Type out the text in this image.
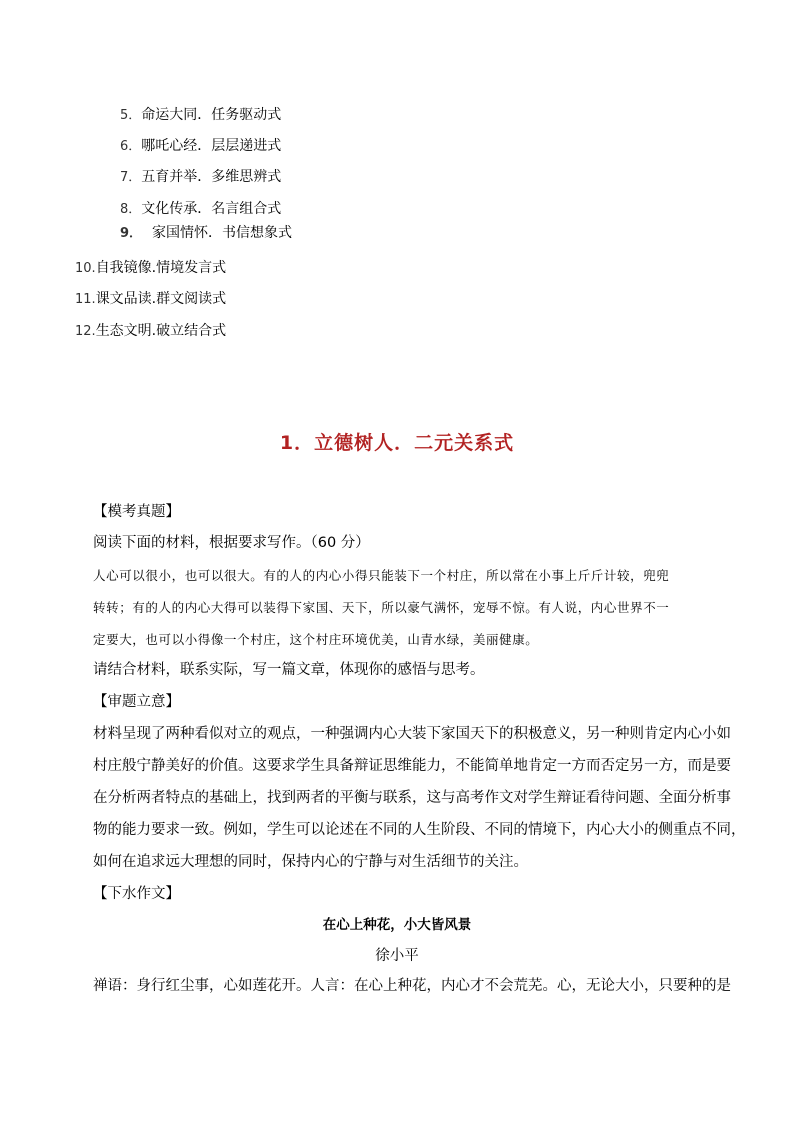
5．命运大同．任务驱动式
6．哪吒心经．层层递进式
7．五育并举．多维思辨式
8．文化传承．名言组合式
9． 家国情怀．书信想象式
10.自我镜像.情境发言式
11.课文品读.群文阅读式
12.生态文明.破立结合式
1．立德树人．二元关系式
【模考真题】
阅读下面的材料，根据要求写作。（60 分）
人心可以很小，也可以很大。有的人的内心小得只能装下一个村庄，所以常在小事上斤斤计较，兜兜
转转；有的人的内心大得可以装得下家国、天下，所以豪气满怀，宠辱不惊。有人说，内心世界不一
定要大，也可以小得像一个村庄，这个村庄环境优美，山青水绿，美丽健康。
请结合材料，联系实际，写一篇文章，体现你的感悟与思考。
【审题立意】
材料呈现了两种看似对立的观点，一种强调内心大装下家国天下的积极意义，另一种则肯定内心小如
村庄般宁静美好的价值。这要求学生具备辩证思维能力，不能简单地肯定一方而否定另一方，而是要
在分析两者特点的基础上，找到两者的平衡与联系，这与高考作文对学生辩证看待问题、全面分析事
物的能力要求一致。例如，学生可以论述在不同的人生阶段、不同的情境下，内心大小的侧重点不同，
如何在追求远大理想的同时，保持内心的宁静与对生活细节的关注。
【下水作文】
在心上种花，小大皆风景
徐小平
禅语：身行红尘事，心如莲花开。人言：在心上种花，内心才不会荒芜。心，无论大小，只要种的是
